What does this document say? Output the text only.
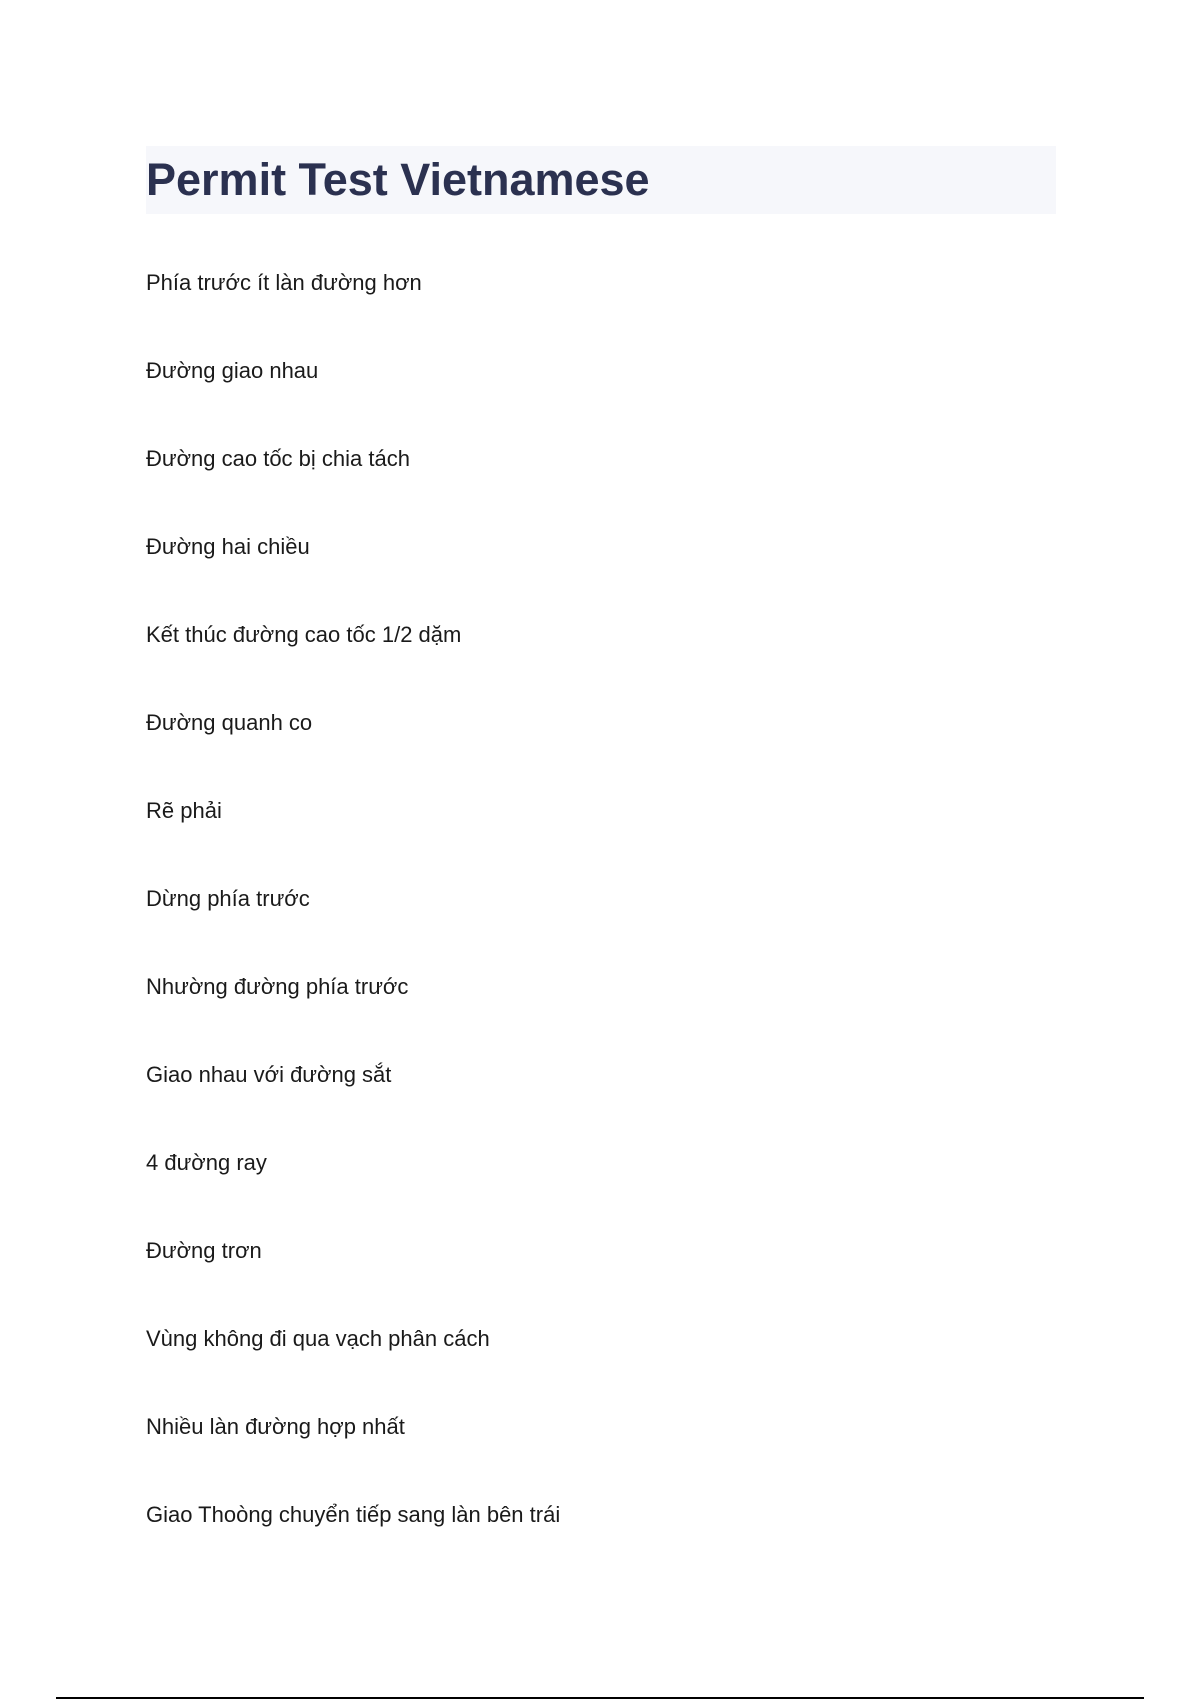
Permit Test Vietnamese
Phía trước ít làn đường hơn
Đường giao nhau
Đường cao tốc bị chia tách
Đường hai chiều
Kết thúc đường cao tốc 1/2 dặm
Đường quanh co
Rẽ phải
Dừng phía trước
Nhường đường phía trước
Giao nhau với đường sắt
4 đường ray
Đường trơn
Vùng không đi qua vạch phân cách
Nhiều làn đường hợp nhất
Giao Thoòng chuyển tiếp sang làn bên trái
